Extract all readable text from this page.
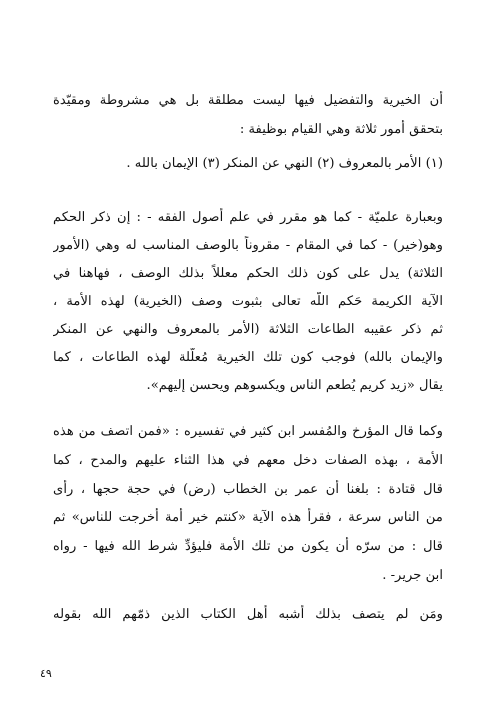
أن الخيرية والتفضيل فيها ليست مطلقة بل هي مشروطة ومقيّدة
بتحقق أمور ثلاثة وهي القيام بوظيفة :
(١) الأمر بالمعروف (٢) النهي عن المنكر (٣) الإيمان بالله .
وبعبارة علميّة - كما هو مقرر في علم أصول الفقه - : إن ذكر الحكم
وهو(خير) - كما في المقام - مقروناً بالوصف المناسب له وهي (الأمور
الثلاثة) يدل على كون ذلك الحكم معللاً بذلك الوصف ، فهاهنا في
الآية الكريمة حَكم اللّه تعالى بثبوت وصف (الخيرية) لهذه الأمة ،
ثم ذكر عقيبه الطاعات الثلاثة (الأمر بالمعروف والنهي عن المنكر
والإيمان بالله) فوجب كون تلك الخيرية مُعلّلة لهذه الطاعات ، كما
يقال «زيد كريم يُطعم الناس ويكسوهم ويحسن إليهم».
وكما قال المؤرخ والمُفسر ابن كثير في تفسيره : «فمن اتصف من هذه
الأمة ، بهذه الصفات دخل معهم في هذا الثناء عليهم والمدح ، كما
قال قتادة : بلغنا أن عمر بن الخطاب (رض) في حجة حجها ، رأى
من الناس سرعة ، فقرأ هذه الآية «كنتم خير أمة أخرجت للناس» ثم
قال : من سرّه أن يكون من تلك الأمة فليؤدِّ شرط الله فيها - رواه
ابن جرير- .
ومَن لم يتصف بذلك أشبه أهل الكتاب الذين ذمّهم الله بقوله
٤٩
